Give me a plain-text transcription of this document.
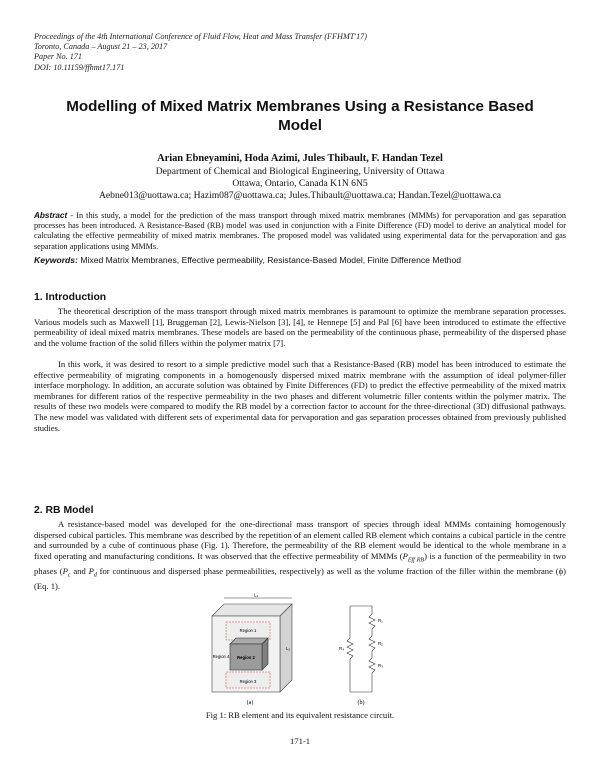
Proceedings of the 4th International Conference of Fluid Flow, Heat and Mass Transfer (FFHMT'17)
Toronto, Canada – August 21 – 23, 2017
Paper No. 171
DOI: 10.11159/ffhmt17.171
Modelling of Mixed Matrix Membranes Using a Resistance Based Model
Arian Ebneyamini, Hoda Azimi, Jules Thibault, F. Handan Tezel
Department of Chemical and Biological Engineering, University of Ottawa
Ottawa, Ontario, Canada K1N 6N5
Aebne013@uottawa.ca; Hazim087@uottawa.ca; Jules.Thibault@uottawa.ca; Handan.Tezel@uottawa.ca
Abstract - In this study, a model for the prediction of the mass transport through mixed matrix membranes (MMMs) for pervaporation and gas separation processes has been introduced. A Resistance-Based (RB) model was used in conjunction with a Finite Difference (FD) model to derive an analytical model for calculating the effective permeability of mixed matrix membranes. The proposed model was validated using experimental data for the pervaporation and gas separation applications using MMMs.
Keywords: Mixed Matrix Membranes, Effective permeability, Resistance-Based Model, Finite Difference Method
1. Introduction
The theoretical description of the mass transport through mixed matrix membranes is paramount to optimize the membrane separation processes. Various models such as Maxwell [1], Bruggeman [2], Lewis-Nielson [3], [4], te Hennepe [5] and Pal [6] have been introduced to estimate the effective permeability of ideal mixed matrix membranes. These models are based on the permeability of the continuous phase, permeability of the dispersed phase and the volume fraction of the solid fillers within the polymer matrix [7].
In this work, it was desired to resort to a simple predictive model such that a Resistance-Based (RB) model has been introduced to estimate the effective permeability of migrating components in a homogenously dispersed mixed matrix membrane with the assumption of ideal polymer-filler interface morphology. In addition, an accurate solution was obtained by Finite Differences (FD) to predict the effective permeability of the mixed matrix membranes for different ratios of the respective permeability in the two phases and different volumetric filler contents within the polymer matrix. The results of these two models were compared to modify the RB model by a correction factor to account for the three-directional (3D) diffusional pathways. The new model was validated with different sets of experimental data for pervaporation and gas separation processes obtained from previously published studies.
2. RB Model
A resistance-based model was developed for the one-directional mass transport of species through ideal MMMs containing homogenously dispersed cubical particles. This membrane was described by the repetition of an element called RB element which contains a cubical particle in the centre and surrounded by a cube of continuous phase (Fig. 1). Therefore, the permeability of the RB element would be identical to the whole membrane in a fixed operating and manufacturing conditions. It was observed that the effective permeability of MMMs $(P_{Eff RB})$ is a function of the permeability in two phases ($P_c$ and $P_d$ for continuous and dispersed phase permeabilities, respectively) as well as the volume fraction of the filler within the membrane (ϕ) (Eq. 1).
L₁
Region 1
Region 2
Region 3
Region 4
L₂
(a)
R₁
R₂
R₃
R₄
(b)
Fig 1: RB element and its equivalent resistance circuit.
171-1
